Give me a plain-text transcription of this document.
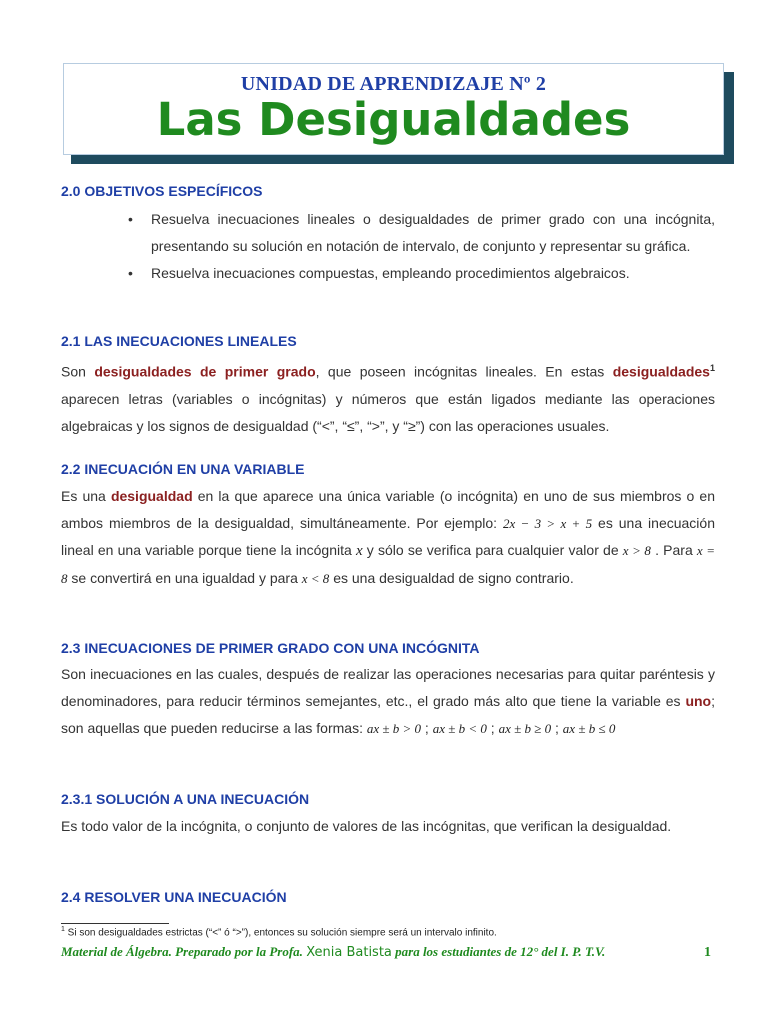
UNIDAD DE APRENDIZAJE Nº 2
Las Desigualdades
2.0 OBJETIVOS ESPECÍFICOS
• Resuelva inecuaciones lineales o desigualdades de primer grado con una incógnita, presentando su solución en notación de intervalo, de conjunto y representar su gráfica.
• Resuelva inecuaciones compuestas, empleando procedimientos algebraicos.
2.1 LAS INECUACIONES LINEALES
Son desigualdades de primer grado, que poseen incógnitas lineales. En estas desigualdades$^1$ aparecen letras (variables o incógnitas) y números que están ligados mediante las operaciones algebraicas y los signos de desigualdad (“<”, “≤”, “>”, y “≥”) con las operaciones usuales.
2.2 INECUACIÓN EN UNA VARIABLE
Es una desigualdad en la que aparece una única variable (o incógnita) en uno de sus miembros o en ambos miembros de la desigualdad, simultáneamente. Por ejemplo: 2x − 3 > x + 5 es una inecuación lineal en una variable porque tiene la incógnita x y sólo se verifica para cualquier valor de x > 8 . Para x = 8 se convertirá en una igualdad y para x < 8 es una desigualdad de signo contrario.
2.3 INECUACIONES DE PRIMER GRADO CON UNA INCÓGNITA
Son inecuaciones en las cuales, después de realizar las operaciones necesarias para quitar paréntesis y denominadores, para reducir términos semejantes, etc., el grado más alto que tiene la variable es uno; son aquellas que pueden reducirse a las formas: ax ± b > 0 ; ax ± b < 0 ; ax ± b ≥ 0 ; ax ± b ≤ 0
2.3.1 SOLUCIÓN A UNA INECUACIÓN
Es todo valor de la incógnita, o conjunto de valores de las incógnitas, que verifican la desigualdad.
2.4 RESOLVER UNA INECUACIÓN
$^1$ Si son desigualdades estrictas (“<” ó “>”), entonces su solución siempre será un intervalo infinito.
Material de Álgebra. Preparado por la Profa. Xenia Batista para los estudiantes de 12° del I. P. T.V.	1
